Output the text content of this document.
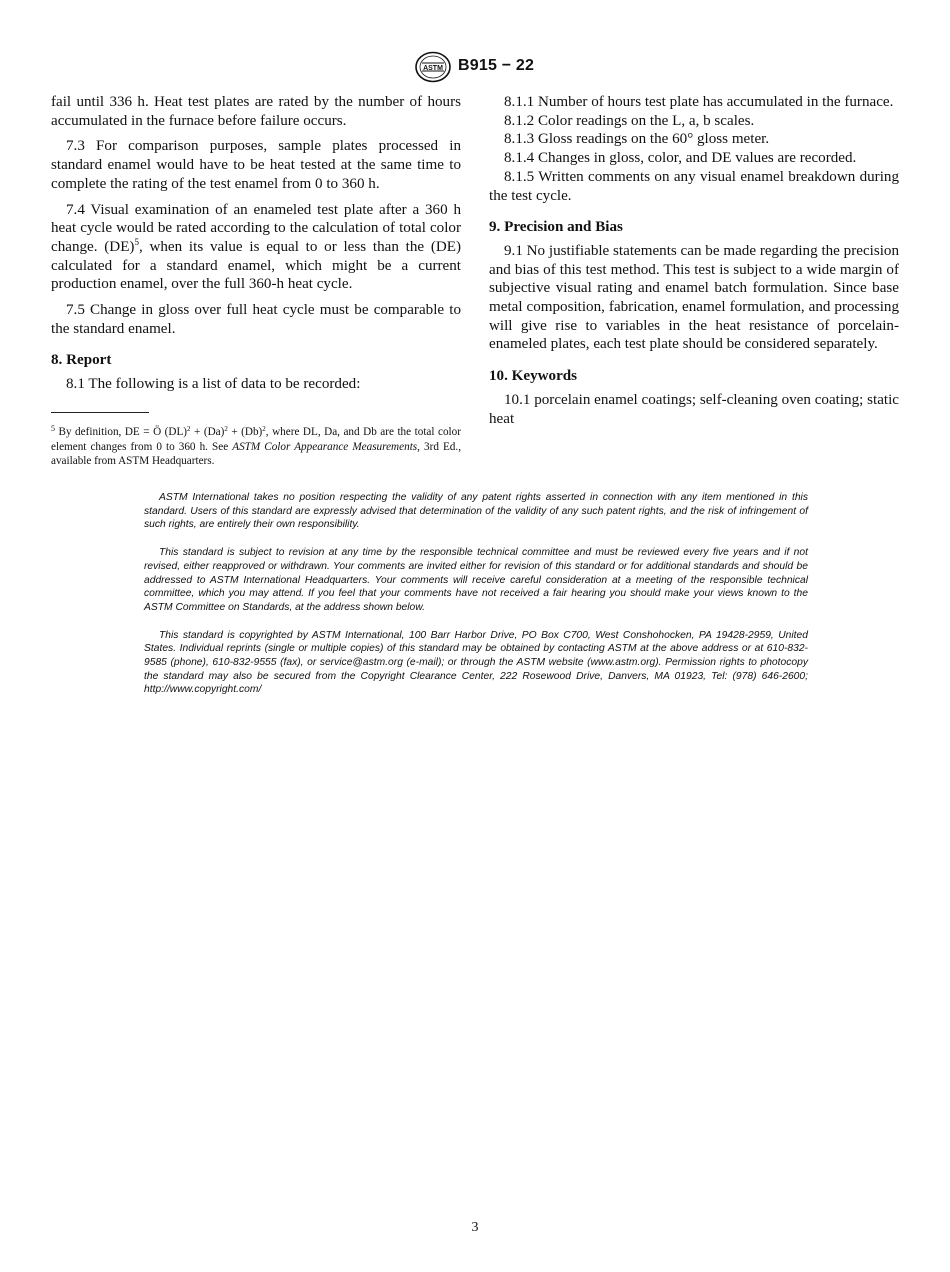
ASTM B915 − 22

fail until 336 h. Heat test plates are rated by the number of hours accumulated in the furnace before failure occurs.

7.3 For comparison purposes, sample plates processed in standard enamel would have to be heat tested at the same time to complete the rating of the test enamel from 0 to 360 h.

7.4 Visual examination of an enameled test plate after a 360 h heat cycle would be rated according to the calculation of total color change. (DE)$^5$, when its value is equal to or less than the (DE) calculated for a standard enamel, which might be a current production enamel, over the full 360-h heat cycle.

7.5 Change in gloss over full heat cycle must be comparable to the standard enamel.

8. Report

8.1 The following is a list of data to be recorded:

$^5$ By definition, DE = Ö $(DL)^2 + (Da)^2 + (Db)^2$, where DL, Da, and Db are the total color element changes from 0 to 360 h. See ASTM Color Appearance Measurements, 3rd Ed., available from ASTM Headquarters.

8.1.1 Number of hours test plate has accumulated in the furnace.

8.1.2 Color readings on the L, a, b scales.

8.1.3 Gloss readings on the 60° gloss meter.

8.1.4 Changes in gloss, color, and DE values are recorded.

8.1.5 Written comments on any visual enamel breakdown during the test cycle.

9. Precision and Bias

9.1 No justifiable statements can be made regarding the precision and bias of this test method. This test is subject to a wide margin of subjective visual rating and enamel batch formulation. Since base metal composition, fabrication, enamel formulation, and processing will give rise to variables in the heat resistance of porcelain-enameled plates, each test plate should be considered separately.

10. Keywords

10.1 porcelain enamel coatings; self-cleaning oven coating; static heat

ASTM International takes no position respecting the validity of any patent rights asserted in connection with any item mentioned in this standard. Users of this standard are expressly advised that determination of the validity of any such patent rights, and the risk of infringement of such rights, are entirely their own responsibility.

This standard is subject to revision at any time by the responsible technical committee and must be reviewed every five years and if not revised, either reapproved or withdrawn. Your comments are invited either for revision of this standard or for additional standards and should be addressed to ASTM International Headquarters. Your comments will receive careful consideration at a meeting of the responsible technical committee, which you may attend. If you feel that your comments have not received a fair hearing you should make your views known to the ASTM Committee on Standards, at the address shown below.

This standard is copyrighted by ASTM International, 100 Barr Harbor Drive, PO Box C700, West Conshohocken, PA 19428-2959, United States. Individual reprints (single or multiple copies) of this standard may be obtained by contacting ASTM at the above address or at 610-832-9585 (phone), 610-832-9555 (fax), or service@astm.org (e-mail); or through the ASTM website (www.astm.org). Permission rights to photocopy the standard may also be secured from the Copyright Clearance Center, 222 Rosewood Drive, Danvers, MA 01923, Tel: (978) 646-2600; http://www.copyright.com/

3
